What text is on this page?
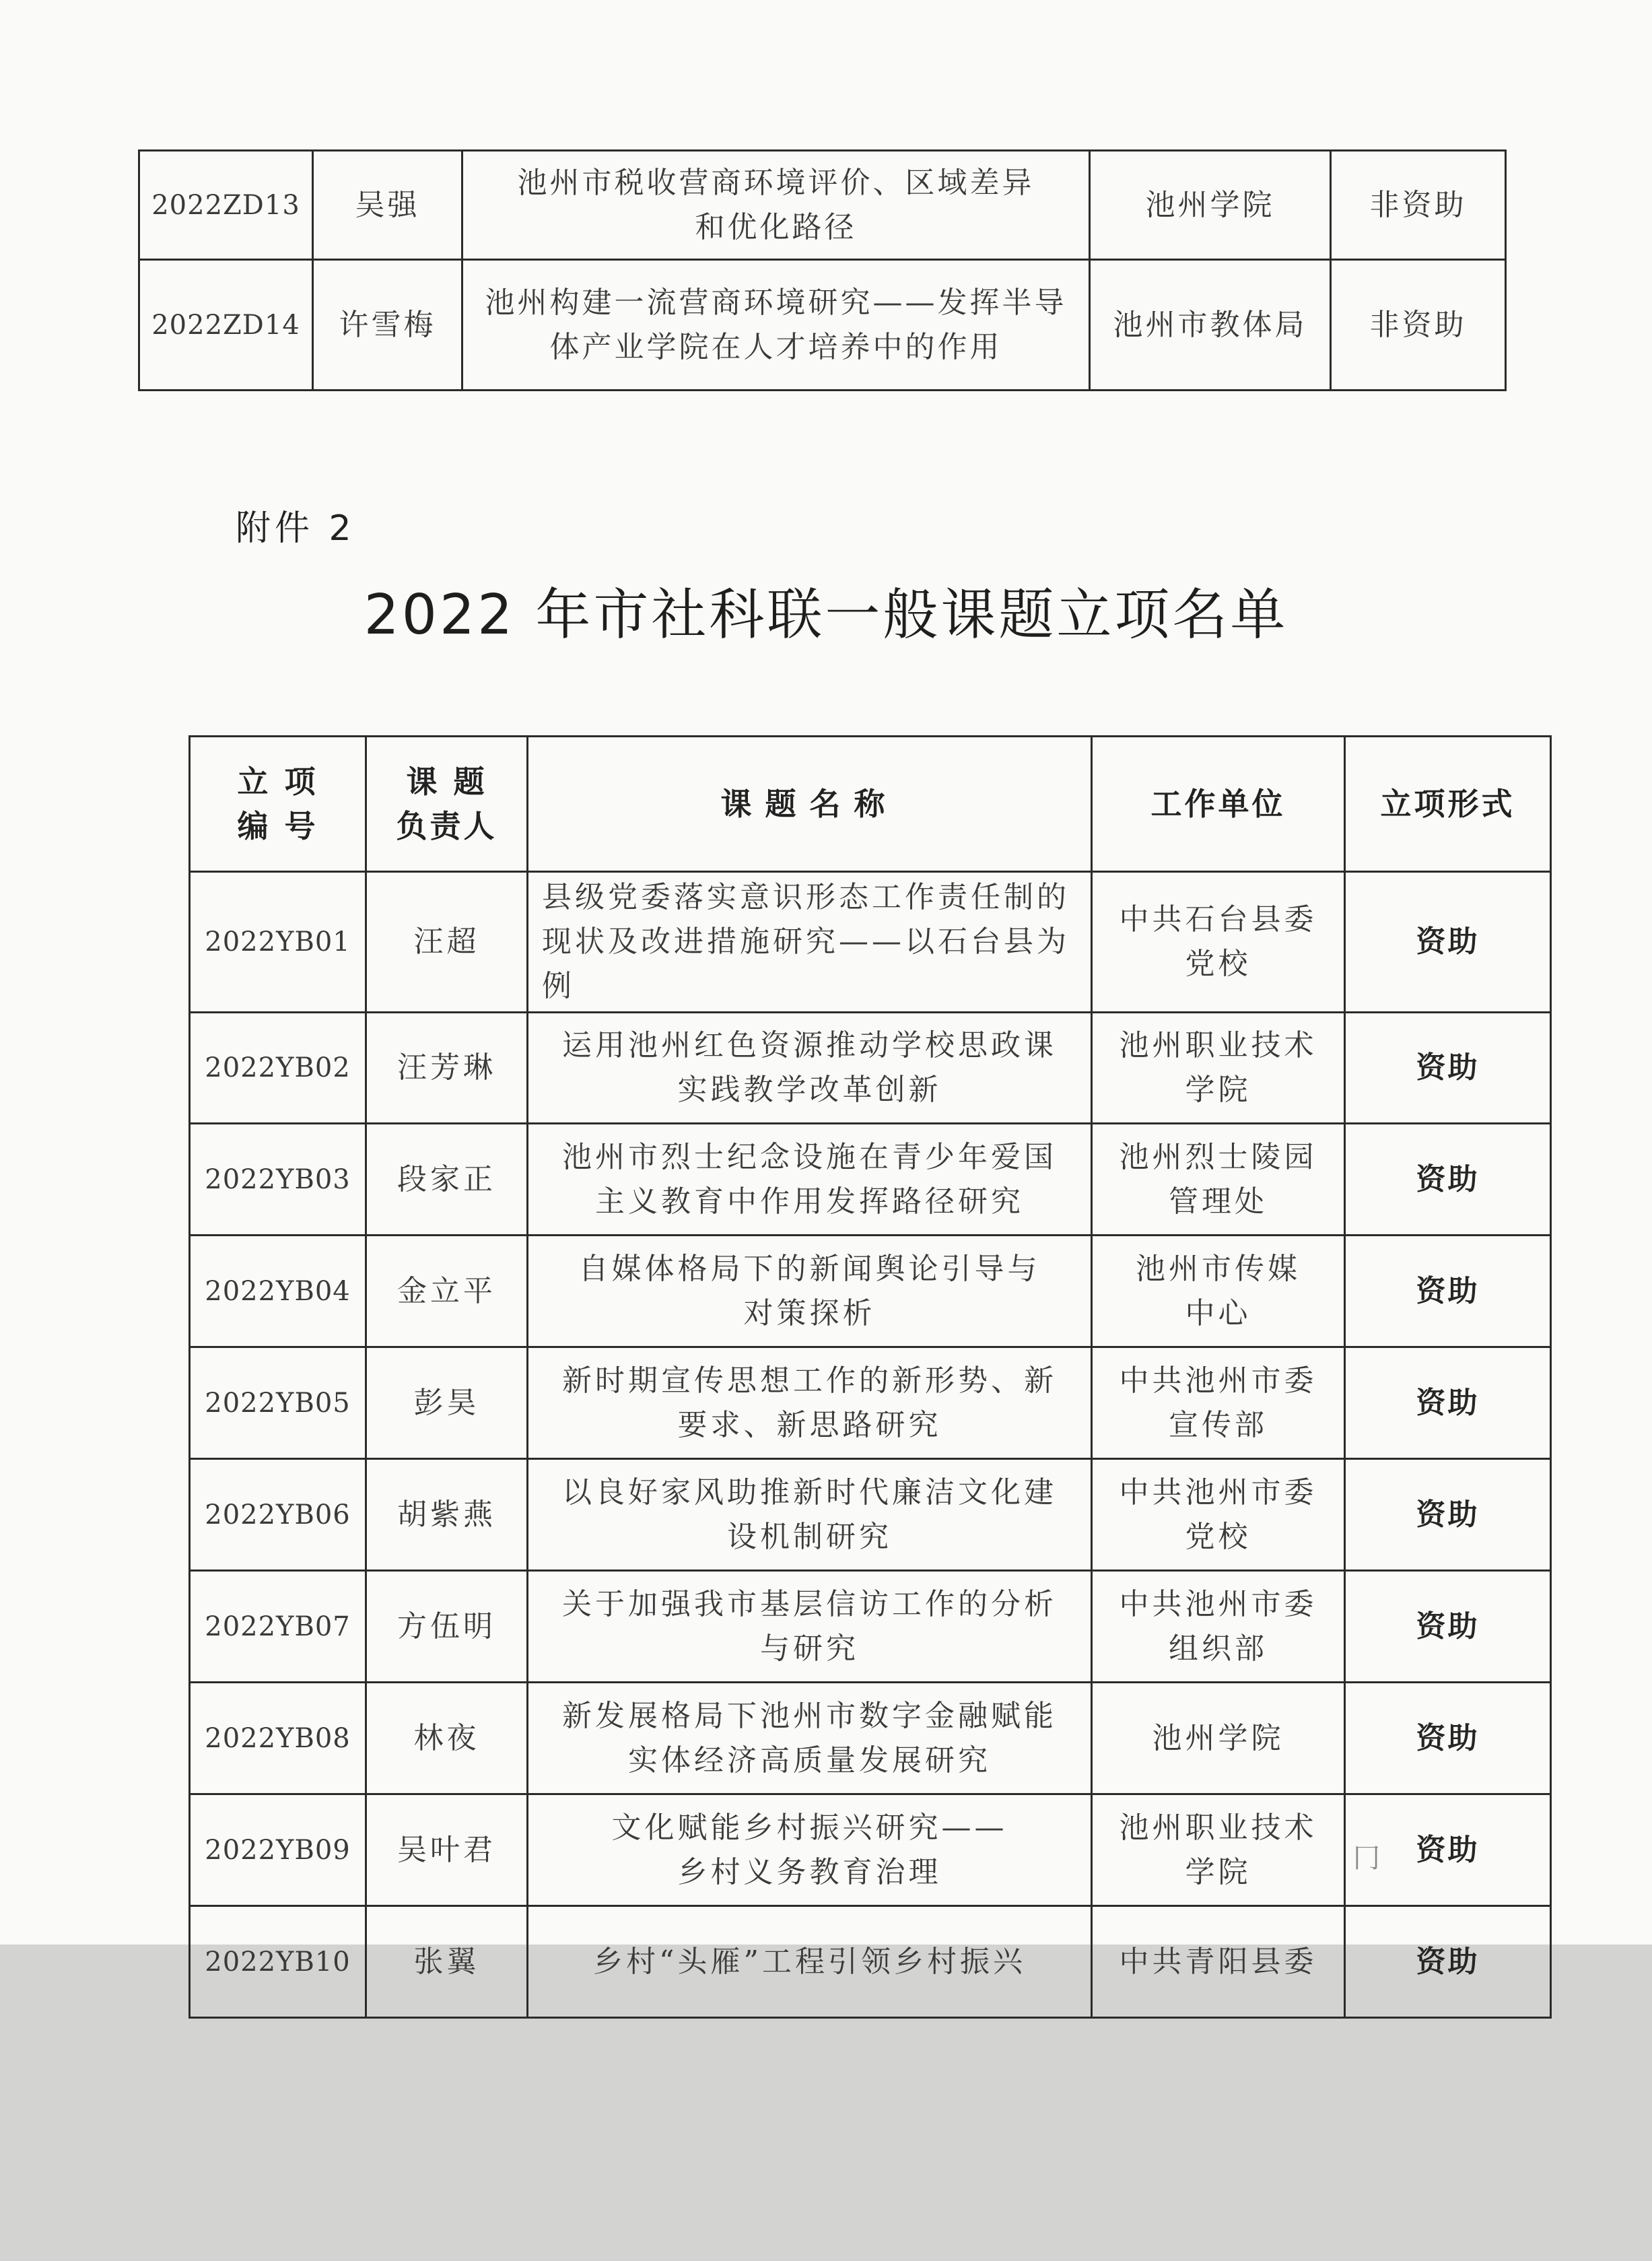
2022ZD13	吴强	池州市税收营商环境评价、区域差异和优化路径	池州学院	非资助
2022ZD14	许雪梅	池州构建一流营商环境研究——发挥半导体产业学院在人才培养中的作用	池州市教体局	非资助
附件 2
2022 年市社科联一般课题立项名单
立 项 编 号	课 题 负责人	课题名称	工作单位	立项形式
2022YB01	汪超	县级党委落实意识形态工作责任制的现状及改进措施研究——以石台县为例	中共石台县委党校	资助
2022YB02	汪芳琳	运用池州红色资源推动学校思政课实践教学改革创新	池州职业技术学院	资助
2022YB03	段家正	池州市烈士纪念设施在青少年爱国主义教育中作用发挥路径研究	池州烈士陵园管理处	资助
2022YB04	金立平	自媒体格局下的新闻舆论引导与对策探析	池州市传媒中心	资助
2022YB05	彭昊	新时期宣传思想工作的新形势、新要求、新思路研究	中共池州市委宣传部	资助
2022YB06	胡紫燕	以良好家风助推新时代廉洁文化建设机制研究	中共池州市委党校	资助
2022YB07	方伍明	关于加强我市基层信访工作的分析与研究	中共池州市委组织部	资助
2022YB08	林夜	新发展格局下池州市数字金融赋能实体经济高质量发展研究	池州学院	资助
2022YB09	吴叶君	文化赋能乡村振兴研究——乡村义务教育治理	池州职业技术学院	资助
2022YB10	张翼	乡村“头雁”工程引领乡村振兴	中共青阳县委	资助
冂
